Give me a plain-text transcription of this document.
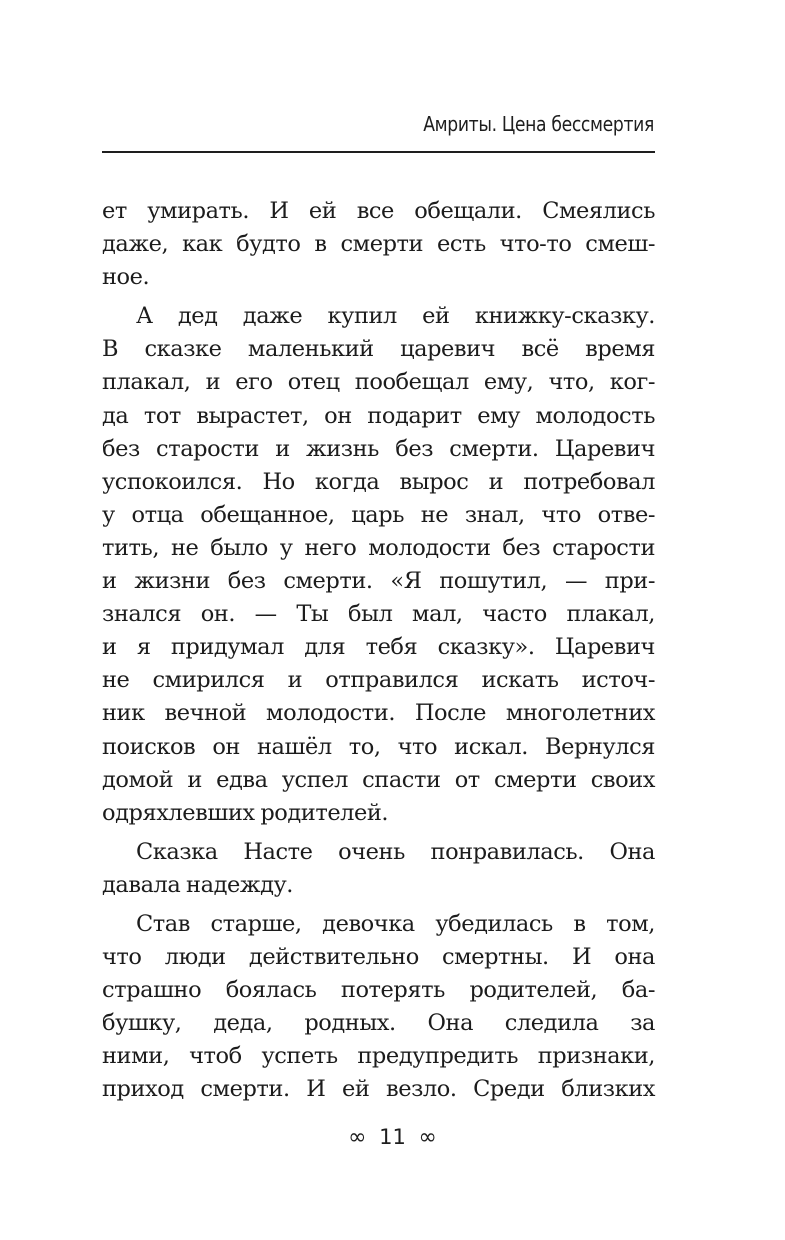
Амриты. Цена бессмертия
ет умирать. И ей все обещали. Смеялись
даже, как будто в смерти есть что-то смеш-
ное.
А дед даже купил ей книжку-сказку.
В сказке маленький царевич всё время
плакал, и его отец пообещал ему, что, ког-
да тот вырастет, он подарит ему молодость
без старости и жизнь без смерти. Царевич
успокоился. Но когда вырос и потребовал
у отца обещанное, царь не знал, что отве-
тить, не было у него молодости без старости
и жизни без смерти. «Я пошутил, — при-
знался он. — Ты был мал, часто плакал,
и я придумал для тебя сказку». Царевич
не смирился и отправился искать источ-
ник вечной молодости. После многолетних
поисков он нашёл то, что искал. Вернулся
домой и едва успел спасти от смерти своих
одряхлевших родителей.
Сказка Насте очень понравилась. Она
давала надежду.
Став старше, девочка убедилась в том,
что люди действительно смертны. И она
страшно боялась потерять родителей, ба-
бушку, деда, родных. Она следила за
ними, чтоб успеть предупредить признаки,
приход смерти. И ей везло. Среди близких
∞ 11 ∞
